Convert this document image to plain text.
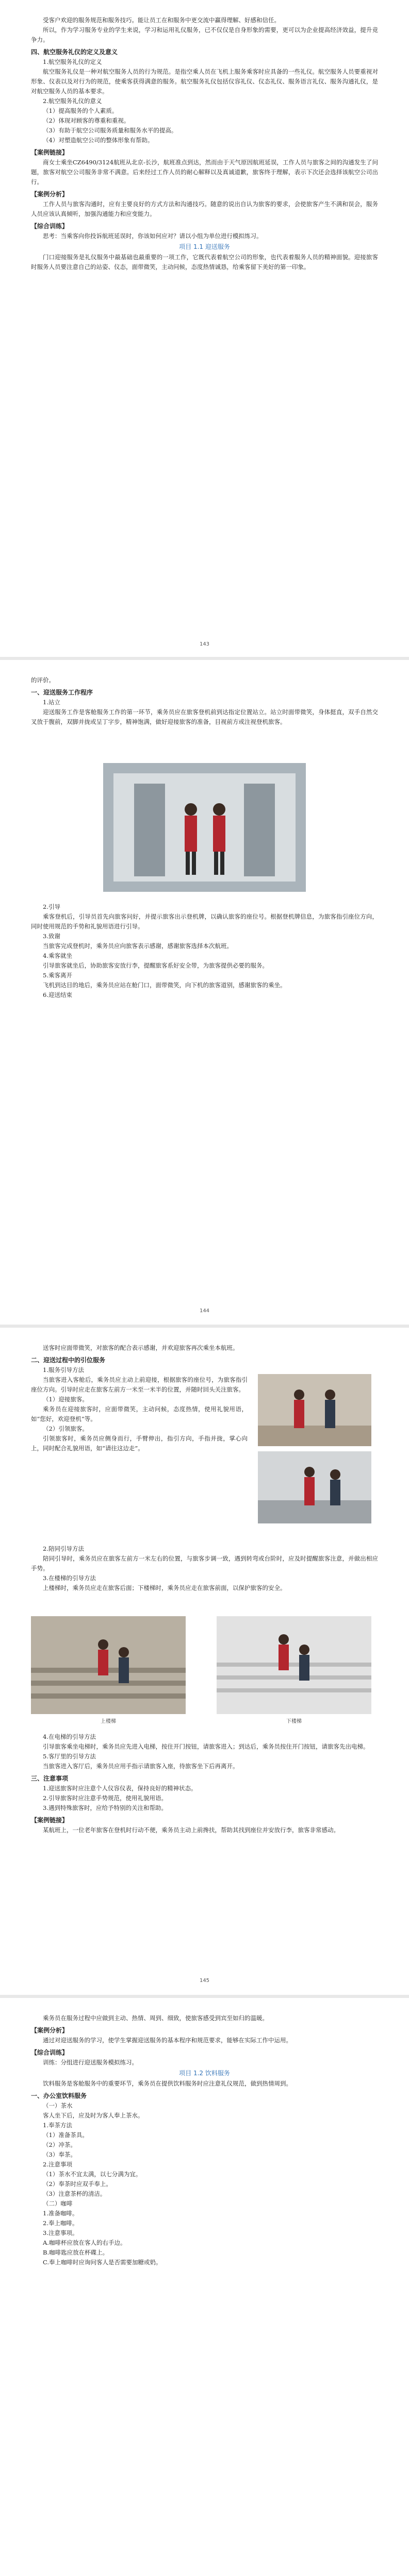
受客户欢迎的服务规范和服务技巧。能让员工在和服务中更交流中赢得理解、好感和信任。

所以，作为学习服务专业的学生来说，学习和运用礼仪服务，已不仅仅是自身形象的需要，更可以为企业提高经济效益，提升竞争力。

四、航空服务礼仪的定义及意义

1.航空服务礼仪的定义

航空服务礼仪是一种对航空服务人员的行为规范。是指空乘人员在飞机上服务乘客时应具备的一些礼仪。航空服务人员要重视对形象、仪表以及对行为的规范，使乘客获得满意的服务。航空服务礼仪包括仪容礼仪、仪态礼仪、服务语言礼仪、服务沟通礼仪，是对航空服务人员的基本要求。

2.航空服务礼仪的意义

（1）提高服务的个人素质。

（2）体现对顾客的尊重和重视。

（3）有助于航空公司服务质量和服务水平的提高。

（4）对塑造航空公司的整体形象有帮助。

【案例链接】

商女士乘坐CZ6490/3124航班从北京-长沙，航班准点到达，然而由于天气原因航班延误，工作人员与旅客之间的沟通发生了问题，旅客对航空公司服务非常不满意。后来经过工作人员的耐心解释以及真诚道歉，旅客终于理解，表示下次还会选择该航空公司出行。

【案例分析】

工作人员与旅客沟通时，应有主要良好的方式方法和沟通技巧。随意的说出自认为旅客的要求，会使旅客产生不满和误会，服务人员应该认真倾听，加强沟通能力和应变能力。

【综合训练】

思考：当乘客向你投诉航班延误时，你该如何应对？请以小组为单位进行模拟练习。

项目 1.1 迎送服务

门口迎接服务是礼仪服务中最基础也最重要的一项工作，它既代表着航空公司的形象，也代表着服务人员的精神面貌。迎接旅客时服务人员要注意自己的站姿、仪态，面带微笑，主动问候，态度热情诚恳，给乘客留下美好的第一印象。

143

的评价。

一、迎送服务工作程序

1.站立

迎送服务工作是客舱服务工作的第一环节，乘务员应在旅客登机前到达指定位置站立。站立时面带微笑，身体挺直，双手自然交叉放于腹前，双脚并拢或呈丁字步，精神饱满，做好迎接旅客的准备，目视前方或注视登机旅客。

2.引导

乘客登机后，引导员首先向旅客问好，并提示旅客出示登机牌，以确认旅客的座位号。根据登机牌信息，为旅客指引座位方向，同时使用规范的手势和礼貌用语进行引导。

3.致谢

当旅客完成登机时，乘务员应向旅客表示感谢，感谢旅客选择本次航班。

4.乘客就坐

引导旅客就坐后，协助旅客安放行李，提醒旅客系好安全带，为旅客提供必要的服务。

5.乘客离开

飞机到达目的地后，乘务员应站在舱门口，面带微笑，向下机的旅客道别，感谢旅客的乘坐。

6.迎送结束

144

送客时应面带微笑，对旅客的配合表示感谢，并欢迎旅客再次乘坐本航班。

二、迎送过程中的引位服务

1.服务引导方法

当旅客进入客舱后，乘务员应主动上前迎接，根据旅客的座位号，为旅客指引座位方向。引导时应走在旅客左前方一米至一米半的位置，并随时回头关注旅客。

（1）迎接旅客。

乘务员在迎接旅客时，应面带微笑，主动问候，态度热情，使用礼貌用语，如“您好，欢迎登机”等。

（2）引领旅客。

引领旅客时，乘务员应侧身而行，手臂伸出，指引方向，手指并拢，掌心向上，同时配合礼貌用语，如“请往这边走”。

2.陪同引导方法

陪同引导时，乘务员应在旅客左前方一米左右的位置，与旅客步调一致，遇到转弯或台阶时，应及时提醒旅客注意，并做出相应手势。

3.在楼梯的引导方法

上楼梯时，乘务员应走在旅客后面；下楼梯时，乘务员应走在旅客前面，以保护旅客的安全。

上楼梯	下楼梯

4.在电梯的引导方法

引导旅客乘坐电梯时，乘务员应先进入电梯，按住开门按钮，请旅客进入；到达后，乘务员按住开门按钮，请旅客先出电梯。

5.客厅里的引导方法

当旅客进入客厅后，乘务员应用手指示请旅客入座，待旅客坐下后再离开。

三、注意事项

1.迎送旅客时应注意个人仪容仪表，保持良好的精神状态。

2.引导旅客时应注意手势规范，使用礼貌用语。

3.遇到特殊旅客时，应给予特别的关注和帮助。

【案例链接】

某航班上，一位老年旅客在登机时行动不便，乘务员主动上前搀扶，帮助其找到座位并安放行李，旅客非常感动。

145

乘务员在服务过程中应做到主动、热情、周到、细致，使旅客感受到宾至如归的温暖。

【案例分析】

通过对迎送服务的学习，使学生掌握迎送服务的基本程序和规范要求，能够在实际工作中运用。

【综合训练】

训练：分组进行迎送服务模拟练习。

项目 1.2 饮料服务

饮料服务是客舱服务中的重要环节，乘务员在提供饮料服务时应注意礼仪规范，做到热情周到。

一、办公室饮料服务

（一）茶水

客人坐下后，应及时为客人奉上茶水。

1.奉茶方法

（1）准备茶具。

（2）冲茶。

（3）奉茶。

2.注意事项

（1）茶水不宜太满，以七分满为宜。

（2）奉茶时应双手奉上。

（3）注意茶杯的清洁。

（二）咖啡

1.准备咖啡。

2.奉上咖啡。

3.注意事项。

A.咖啡杯应放在客人的右手边。

B.咖啡匙应放在杯碟上。

C.奉上咖啡时应询问客人是否需要加糖或奶。
